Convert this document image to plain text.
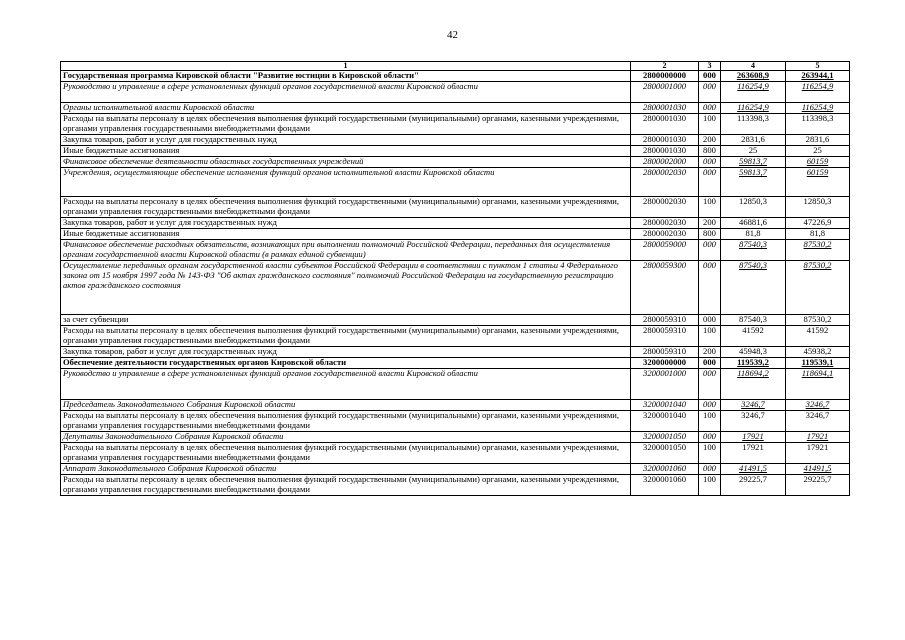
42
1	2	3	4	5
Государственная программа Кировской области "Развитие юстиции в Кировской области"	2800000000	000	263608,9	263944,1
Руководство и управление в сфере установленных функций органов государственной власти Кировской области	2800001000	000	116254,9	116254,9
Органы исполнительной власти Кировской области	2800001030	000	116254,9	116254,9
Расходы на выплаты персоналу в целях обеспечения выполнения функций государственными (муниципальными) органами, казенными учреждениями, органами управления государственными внебюджетными фондами	2800001030	100	113398,3	113398,3
Закупка товаров, работ и услуг для государственных нужд	2800001030	200	2831,6	2831,6
Иные бюджетные ассигнования	2800001030	800	25	25
Финансовое обеспечение деятельности областных государственных учреждений	2800002000	000	59813,7	60159
Учреждения, осуществляющие обеспечение исполнения функций органов исполнительной власти Кировской области	2800002030	000	59813,7	60159
Расходы на выплаты персоналу в целях обеспечения выполнения функций государственными (муниципальными) органами, казенными учреждениями, органами управления государственными внебюджетными фондами	2800002030	100	12850,3	12850,3
Закупка товаров, работ и услуг для государственных нужд	2800002030	200	46881,6	47226,9
Иные бюджетные ассигнования	2800002030	800	81,8	81,8
Финансовое обеспечение расходных обязательств, возникающих при выполнении полномочий Российской Федерации, переданных для осуществления органам государственной власти Кировской области (в рамках единой субвенции)	2800059000	000	87540,3	87530,2
Осуществление переданных органам государственной власти субъектов Российской Федерации в соответствии с пунктом 1 статьи 4 Федерального закона от 15 ноября 1997 года № 143-ФЗ "Об актах гражданского состояния" полномочий Российской Федерации на государственную регистрацию актов гражданского состояния	2800059300	000	87540,3	87530,2
за счет субвенции	2800059310	000	87540,3	87530,2
Расходы на выплаты персоналу в целях обеспечения выполнения функций государственными (муниципальными) органами, казенными учреждениями, органами управления государственными внебюджетными фондами	2800059310	100	41592	41592
Закупка товаров, работ и услуг для государственных нужд	2800059310	200	45948,3	45938,2
Обеспечение деятельности государственных органов Кировской области	3200000000	000	119539,2	119539,1
Руководство и управление в сфере установленных функций органов государственной власти Кировской области	3200001000	000	118694,2	118694,1
Председатель Законодательного Собрания Кировской области	3200001040	000	3246,7	3246,7
Расходы на выплаты персоналу в целях обеспечения выполнения функций государственными (муниципальными) органами, казенными учреждениями, органами управления государственными внебюджетными фондами	3200001040	100	3246,7	3246,7
Депутаты Законодательного Собрания Кировской области	3200001050	000	17921	17921
Расходы на выплаты персоналу в целях обеспечения выполнения функций государственными (муниципальными) органами, казенными учреждениями, органами управления государственными внебюджетными фондами	3200001050	100	17921	17921
Аппарат Законодательного Собрания Кировской области	3200001060	000	41491,5	41491,5
Расходы на выплаты персоналу в целях обеспечения выполнения функций государственными (муниципальными) органами, казенными учреждениями, органами управления государственными внебюджетными фондами	3200001060	100	29225,7	29225,7
